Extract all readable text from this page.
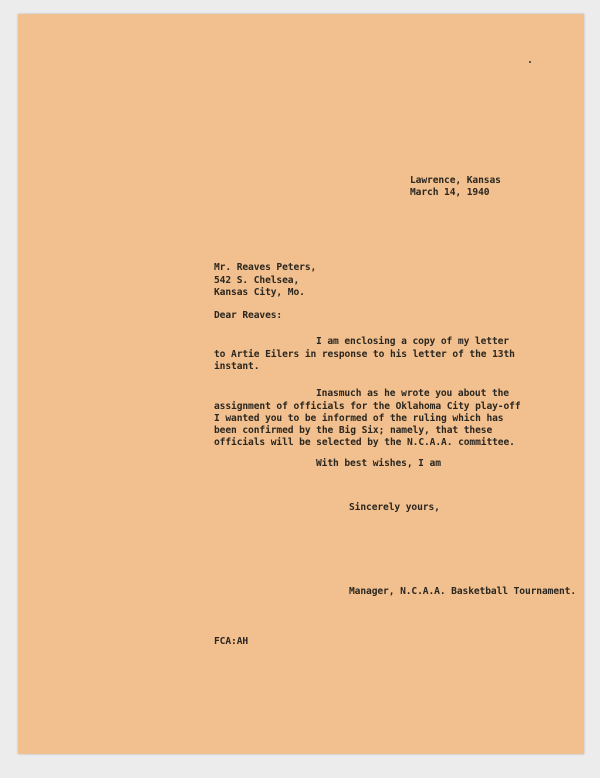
Lawrence, Kansas
March 14, 1940
Mr. Reaves Peters,
542 S. Chelsea,
Kansas City, Mo.
Dear Reaves:
I am enclosing a copy of my letter
to Artie Eilers in response to his letter of the 13th
instant.
Inasmuch as he wrote you about the
assignment of officials for the Oklahoma City play-off
I wanted you to be informed of the ruling which has
been confirmed by the Big Six; namely, that these
officials will be selected by the N.C.A.A. committee.
With best wishes, I am
Sincerely yours,
Manager, N.C.A.A. Basketball Tournament.
FCA:AH
